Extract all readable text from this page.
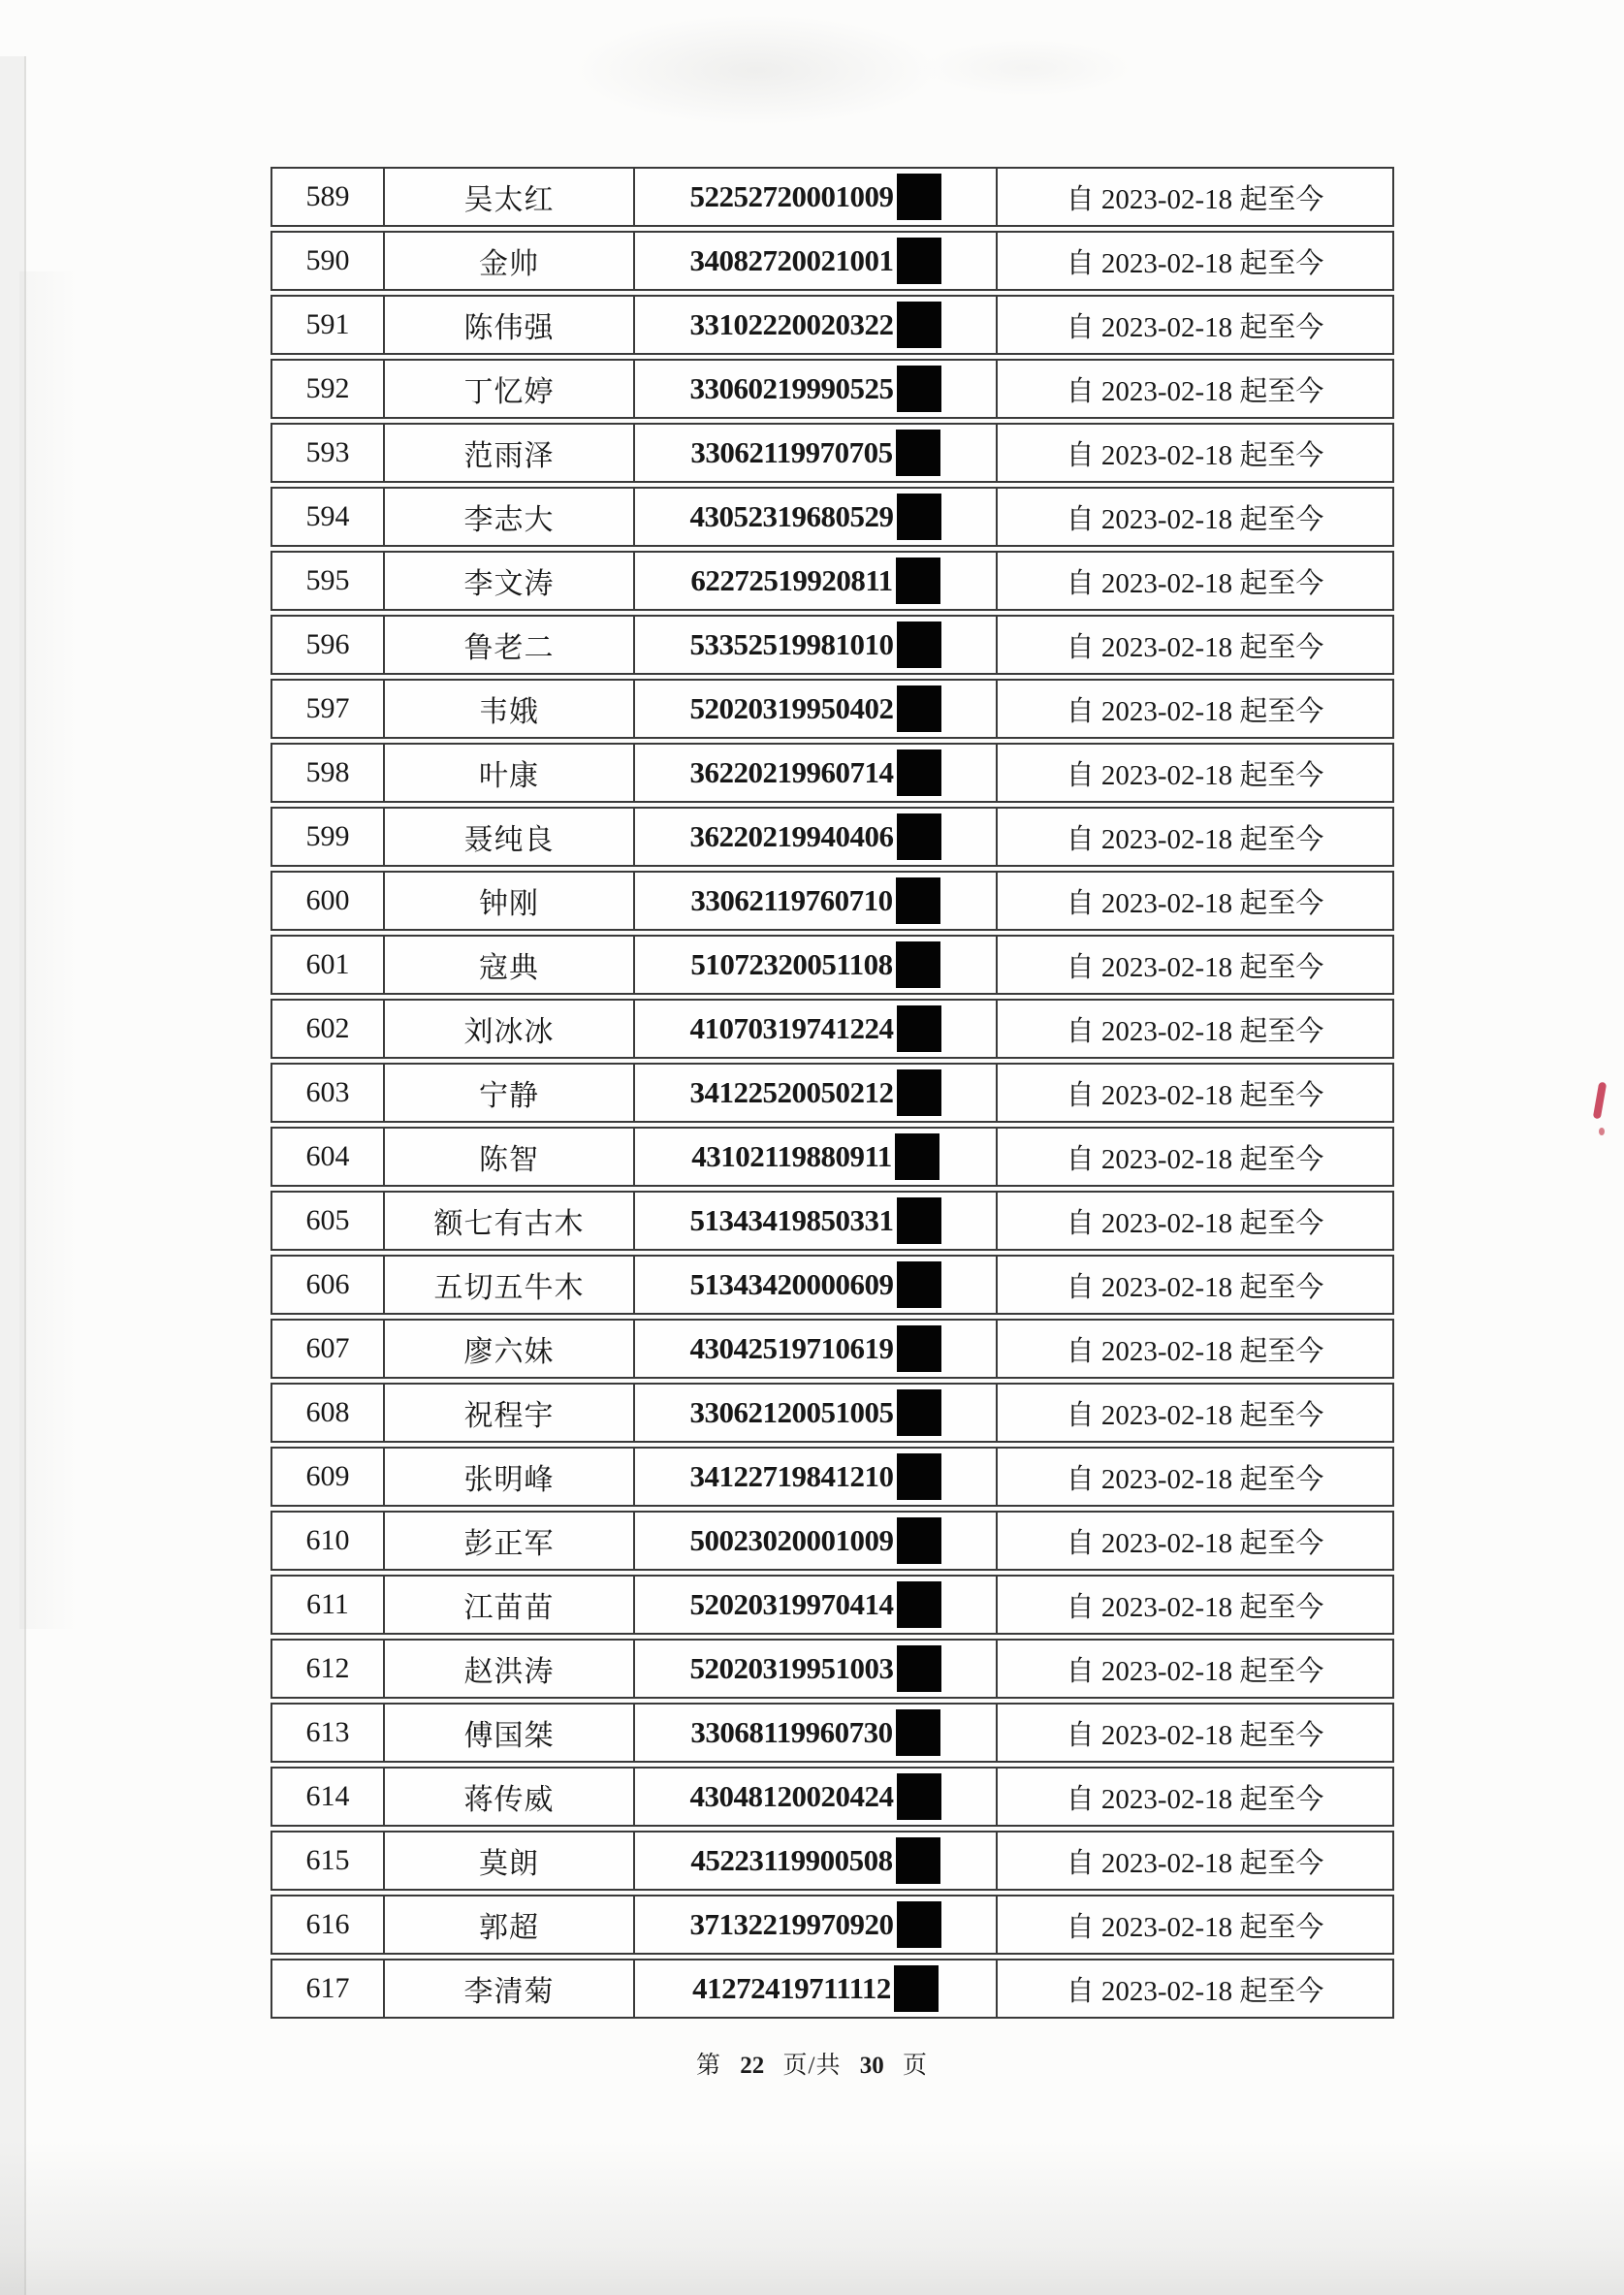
589	吴太红	52252720001009	自 2023-02-18 起至今
590	金帅	34082720021001	自 2023-02-18 起至今
591	陈伟强	33102220020322	自 2023-02-18 起至今
592	丁忆婷	33060219990525	自 2023-02-18 起至今
593	范雨泽	33062119970705	自 2023-02-18 起至今
594	李志大	43052319680529	自 2023-02-18 起至今
595	李文涛	62272519920811	自 2023-02-18 起至今
596	鲁老二	53352519981010	自 2023-02-18 起至今
597	韦娥	52020319950402	自 2023-02-18 起至今
598	叶康	36220219960714	自 2023-02-18 起至今
599	聂纯良	36220219940406	自 2023-02-18 起至今
600	钟刚	33062119760710	自 2023-02-18 起至今
601	寇典	51072320051108	自 2023-02-18 起至今
602	刘冰冰	41070319741224	自 2023-02-18 起至今
603	宁静	34122520050212	自 2023-02-18 起至今
604	陈智	43102119880911	自 2023-02-18 起至今
605	额七有古木	51343419850331	自 2023-02-18 起至今
606	五切五牛木	51343420000609	自 2023-02-18 起至今
607	廖六妹	43042519710619	自 2023-02-18 起至今
608	祝程宇	33062120051005	自 2023-02-18 起至今
609	张明峰	34122719841210	自 2023-02-18 起至今
610	彭正军	50023020001009	自 2023-02-18 起至今
611	江苗苗	52020319970414	自 2023-02-18 起至今
612	赵洪涛	52020319951003	自 2023-02-18 起至今
613	傅国桀	33068119960730	自 2023-02-18 起至今
614	蒋传威	43048120020424	自 2023-02-18 起至今
615	莫朗	45223119900508	自 2023-02-18 起至今
616	郭超	37132219970920	自 2023-02-18 起至今
617	李清菊	41272419711112	自 2023-02-18 起至今
第 22 页/共 30 页
